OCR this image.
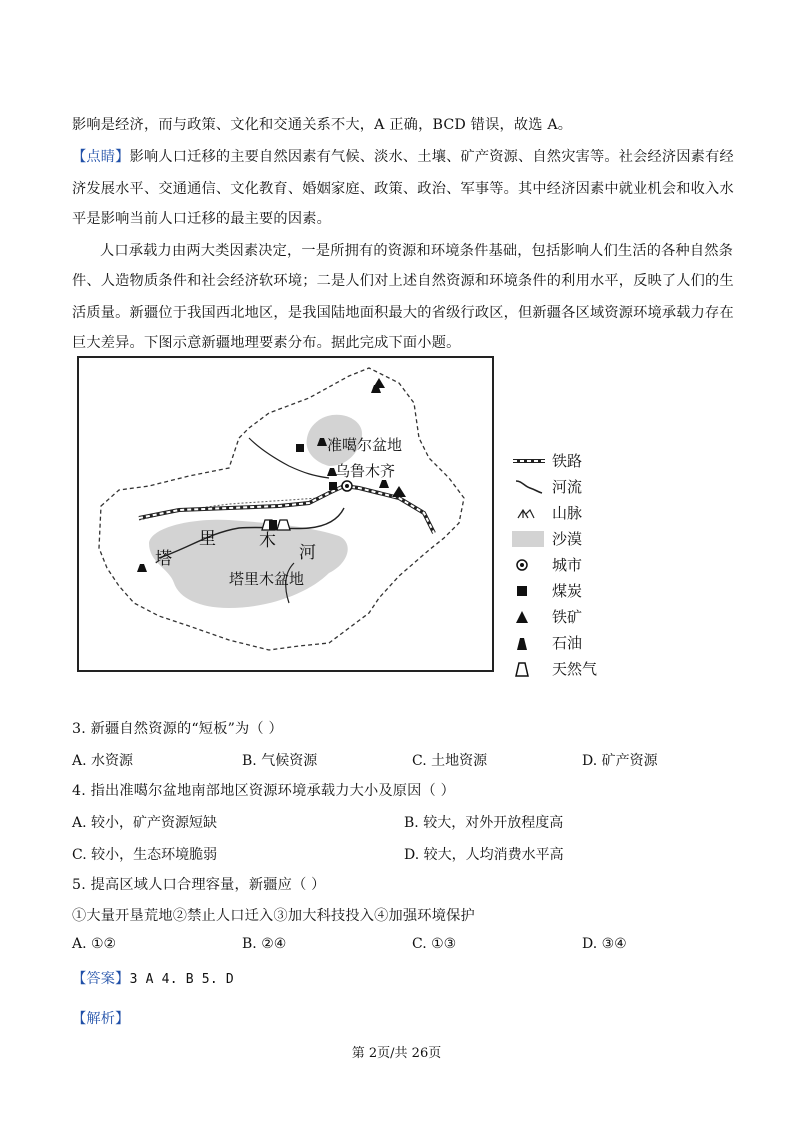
影响是经济，而与政策、文化和交通关系不大，A 正确，BCD 错误，故选 A。
【点睛】影响人口迁移的主要自然因素有气候、淡水、土壤、矿产资源、自然灾害等。社会经济因素有经
济发展水平、交通通信、文化教育、婚姻家庭、政策、政治、军事等。其中经济因素中就业机会和收入水
平是影响当前人口迁移的最主要的因素。
人口承载力由两大类因素决定，一是所拥有的资源和环境条件基础，包括影响人们生活的各种自然条
件、人造物质条件和社会经济软环境；二是人们对上述自然资源和环境条件的利用水平，反映了人们的生
活质量。新疆位于我国西北地区，是我国陆地面积最大的省级行政区，但新疆各区域资源环境承载力存在
巨大差异。下图示意新疆地理要素分布。据此完成下面小题。
准噶尔盆地
乌鲁木齐
塔
里	木
河
塔里木盆地
铁路
河流
山脉
沙漠
城市
煤炭
铁矿
石油
天然气
3. 新疆自然资源的“短板”为（ ）
A. 水资源	B. 气候资源	C. 土地资源	D. 矿产资源
4. 指出准噶尔盆地南部地区资源环境承载力大小及原因（ ）
A. 较小，矿产资源短缺	B. 较大，对外开放程度高
C. 较小，生态环境脆弱	D. 较大，人均消费水平高
5. 提高区域人口合理容量，新疆应（ ）
①大量开垦荒地②禁止人口迁入③加大科技投入④加强环境保护
A. ①②	B. ②④	C. ①③	D. ③④
【答案】3 A 4. B 5. D
【解析】
第 2页/共 26页
